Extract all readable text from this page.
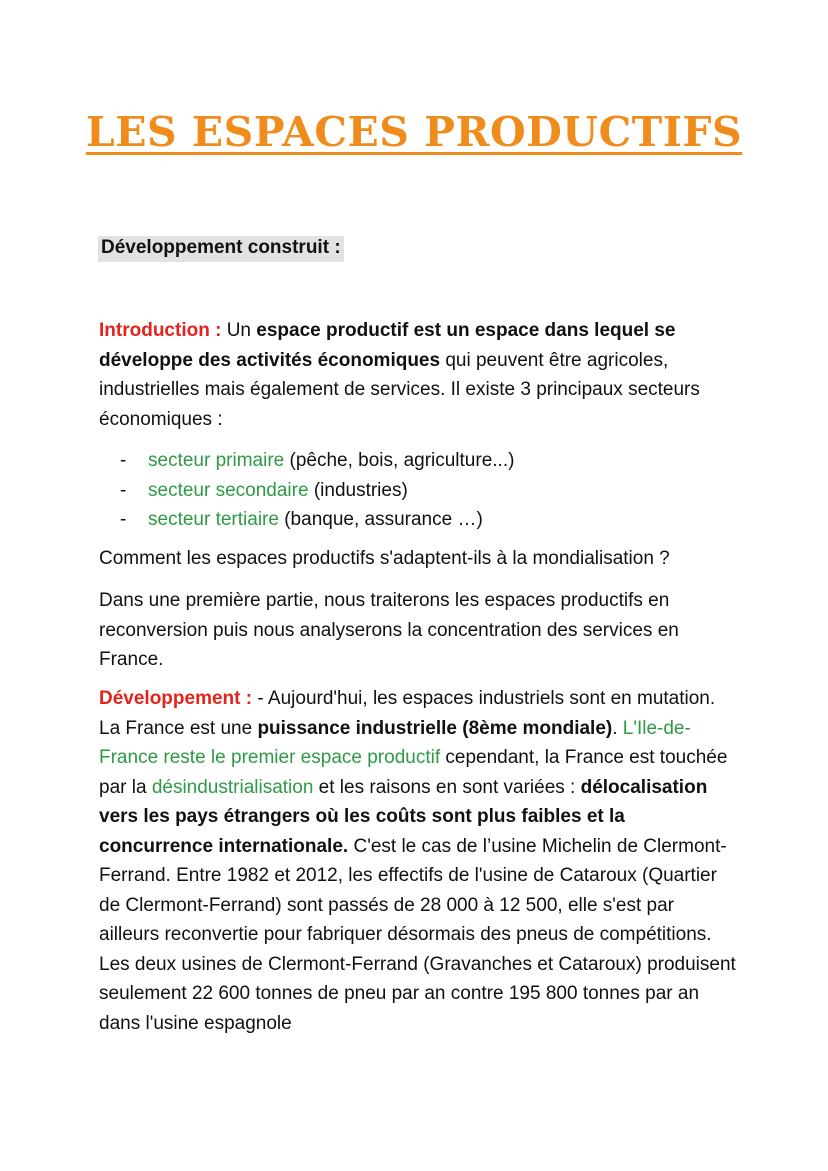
LES ESPACES PRODUCTIFS
Développement construit :

Introduction : Un espace productif est un espace dans lequel se développe des activités économiques qui peuvent être agricoles, industrielles mais également de services. Il existe 3 principaux secteurs économiques :

- secteur primaire (pêche, bois, agriculture...)
- secteur secondaire (industries)
- secteur tertiaire (banque, assurance …)

Comment les espaces productifs s'adaptent-ils à la mondialisation ?

Dans une première partie, nous traiterons les espaces productifs en reconversion puis nous analyserons la concentration des services en France.

Développement : - Aujourd'hui, les espaces industriels sont en mutation. La France est une puissance industrielle (8ème mondiale). L'Ile-de-France reste le premier espace productif cependant, la France est touchée par la désindustrialisation et les raisons en sont variées : délocalisation vers les pays étrangers où les coûts sont plus faibles et la concurrence internationale. C'est le cas de l’usine Michelin de Clermont-Ferrand. Entre 1982 et 2012, les effectifs de l'usine de Cataroux (Quartier de Clermont-Ferrand) sont passés de 28 000 à 12 500, elle s'est par ailleurs reconvertie pour fabriquer désormais des pneus de compétitions. Les deux usines de Clermont-Ferrand (Gravanches et Cataroux) produisent seulement 22 600 tonnes de pneu par an contre 195 800 tonnes par an dans l'usine espagnole
